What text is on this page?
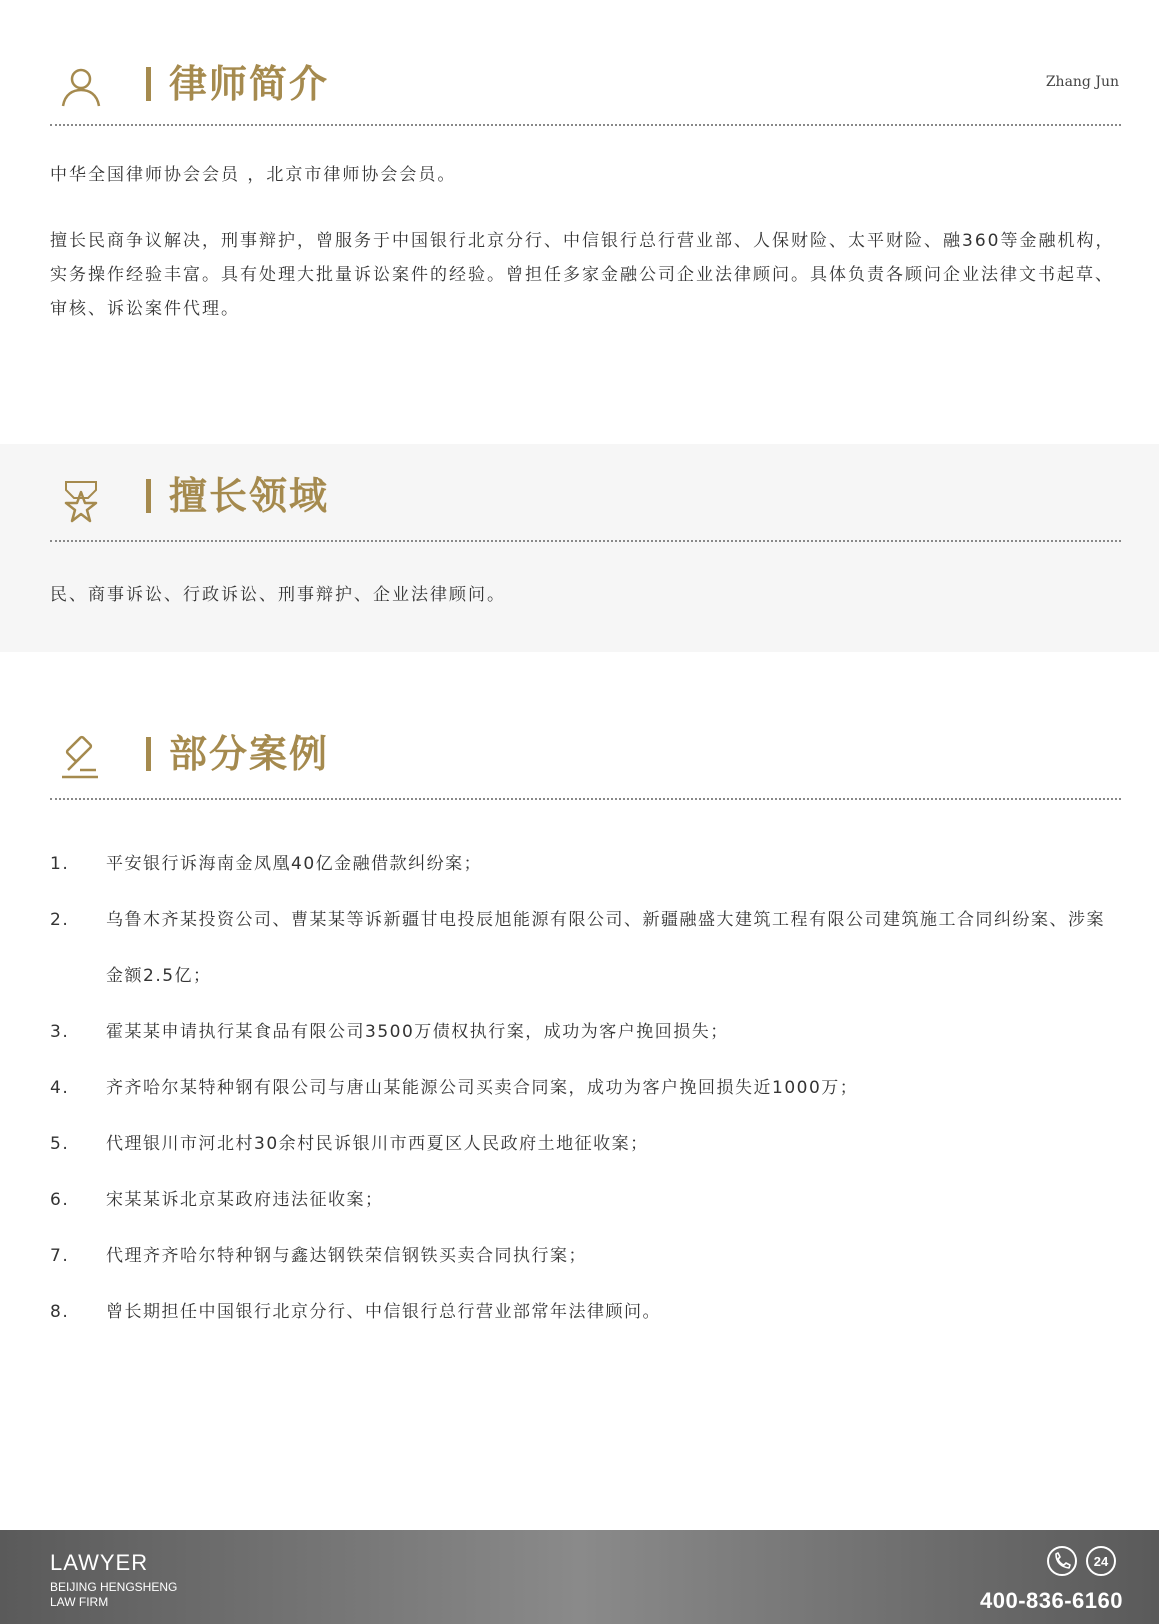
律师简介	Zhang Jun
中华全国律师协会会员 ，北京市律师协会会员。
擅长民商争议解决，刑事辩护，曾服务于中国银行北京分行、中信银行总行营业部、人保财险、太平财险、融360等金融机构，实务操作经验丰富。具有处理大批量诉讼案件的经验。曾担任多家金融公司企业法律顾问。具体负责各顾问企业法律文书起草、审核、诉讼案件代理。
擅长领域
民、商事诉讼、行政诉讼、刑事辩护、企业法律顾问。
部分案例
1. 平安银行诉海南金凤凰40亿金融借款纠纷案；
2. 乌鲁木齐某投资公司、曹某某等诉新疆甘电投辰旭能源有限公司、新疆融盛大建筑工程有限公司建筑施工合同纠纷案、涉案金额2.5亿；
3. 霍某某申请执行某食品有限公司3500万债权执行案，成功为客户挽回损失；
4. 齐齐哈尔某特种钢有限公司与唐山某能源公司买卖合同案，成功为客户挽回损失近1000万；
5. 代理银川市河北村30余村民诉银川市西夏区人民政府土地征收案；
6. 宋某某诉北京某政府违法征收案；
7. 代理齐齐哈尔特种钢与鑫达钢铁荣信钢铁买卖合同执行案；
8. 曾长期担任中国银行北京分行、中信银行总行营业部常年法律顾问。
LAWYER
BEIJING HENGSHENG
LAW FIRM
24
400-836-6160
